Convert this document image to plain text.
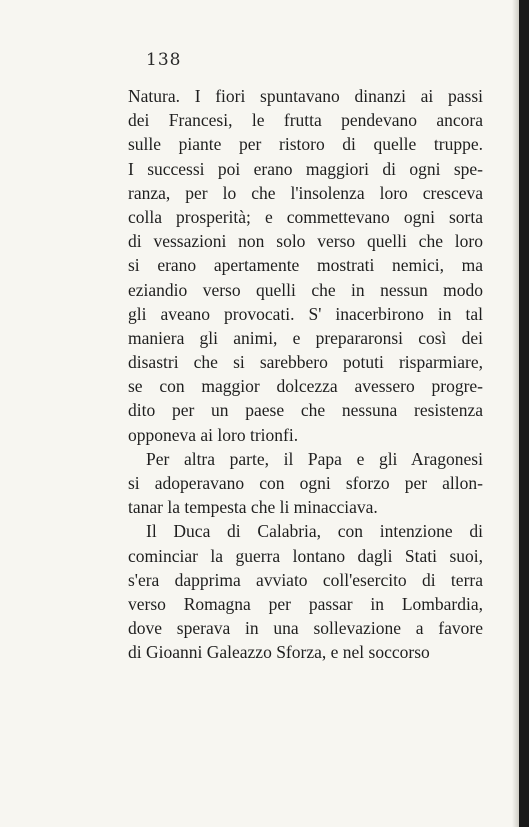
138
Natura. I fiori spuntavano dinanzi ai passi
dei Francesi, le frutta pendevano ancora
sulle piante per ristoro di quelle truppe.
I successi poi erano maggiori di ogni spe-
ranza, per lo che l'insolenza loro cresceva
colla prosperità; e commettevano ogni sorta
di vessazioni non solo verso quelli che loro
si erano apertamente mostrati nemici, ma
eziandio verso quelli che in nessun modo
gli aveano provocati. S' inacerbirono in tal
maniera gli animi, e prepararonsi così dei
disastri che si sarebbero potuti risparmiare,
se con maggior dolcezza avessero progre-
dito per un paese che nessuna resistenza
opponeva ai loro trionfi.
Per altra parte, il Papa e gli Aragonesi
si adoperavano con ogni sforzo per allon-
tanar la tempesta che li minacciava.
Il Duca di Calabria, con intenzione di
cominciar la guerra lontano dagli Stati suoi,
s'era dapprima avviato coll'esercito di terra
verso Romagna per passar in Lombardia,
dove sperava in una sollevazione a favore
di Gioanni Galeazzo Sforza, e nel soccorso
